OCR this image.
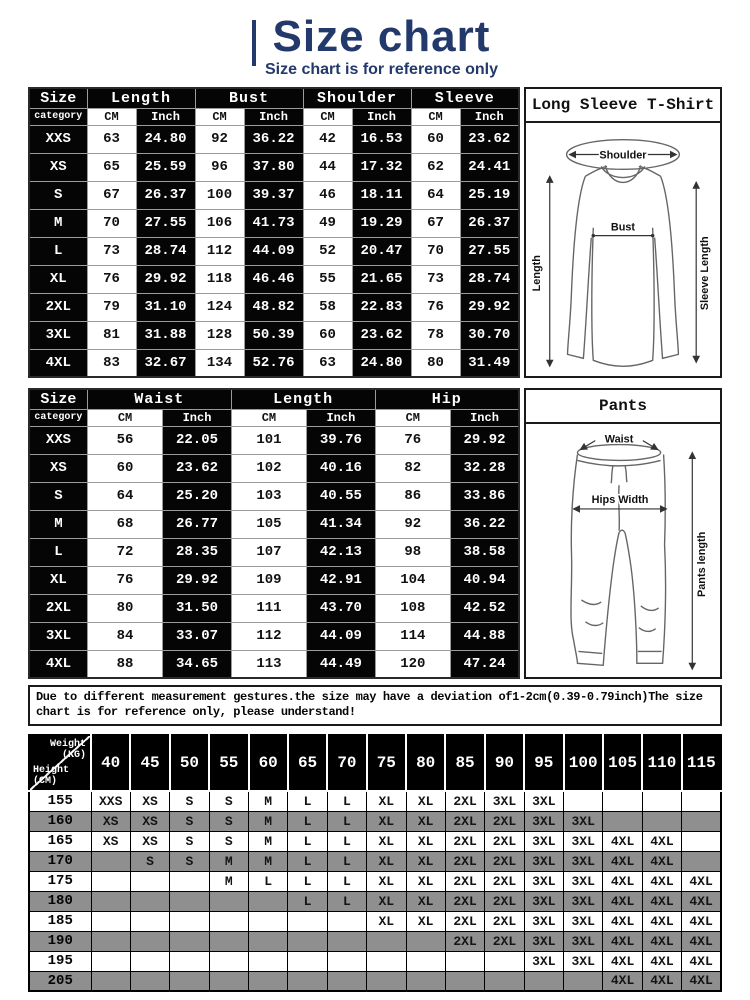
Size chart
Size chart is for reference only
Size	Length		Bust		Shoulder		Sleeve	
category	CM	Inch	CM	Inch	CM	Inch	CM	Inch
XXS	63	24.80	92	36.22	42	16.53	60	23.62
XS	65	25.59	96	37.80	44	17.32	62	24.41
S	67	26.37	100	39.37	46	18.11	64	25.19
M	70	27.55	106	41.73	49	19.29	67	26.37
L	73	28.74	112	44.09	52	20.47	70	27.55
XL	76	29.92	118	46.46	55	21.65	73	28.74
2XL	79	31.10	124	48.82	58	22.83	76	29.92
3XL	81	31.88	128	50.39	60	23.62	78	30.70
4XL	83	32.67	134	52.76	63	24.80	80	31.49
Long Sleeve T-Shirt
Shoulder
Bust
Length	Sleeve Length
Size	Waist		Length		Hip	
category	CM	Inch	CM	Inch	CM	Inch
XXS	56	22.05	101	39.76	76	29.92
XS	60	23.62	102	40.16	82	32.28
S	64	25.20	103	40.55	86	33.86
M	68	26.77	105	41.34	92	36.22
L	72	28.35	107	42.13	98	38.58
XL	76	29.92	109	42.91	104	40.94
2XL	80	31.50	111	43.70	108	42.52
3XL	84	33.07	112	44.09	114	44.88
4XL	88	34.65	113	44.49	120	47.24
Pants
Waist
Hips Width
Pants length
Due to different measurement gestures.the size may have a deviation of1-2cm(0.39-0.79inch)The size
chart is for reference only, please understand!
Weight
(KG)
Height
(CM)	40	45	50	55	60	65	70	75	80	85	90	95	100	105	110	115
155	XXS	XS	S	S	M	L	L	XL	XL	2XL	3XL	3XL				
160	XS	XS	S	S	M	L	L	XL	XL	2XL	2XL	3XL	3XL			
165	XS	XS	S	S	M	L	L	XL	XL	2XL	2XL	3XL	3XL	4XL	4XL	
170		S	S	M	M	L	L	XL	XL	2XL	2XL	3XL	3XL	4XL	4XL	
175				M	L	L	L	XL	XL	2XL	2XL	3XL	3XL	4XL	4XL	4XL
180						L	L	XL	XL	2XL	2XL	3XL	3XL	4XL	4XL	4XL
185								XL	XL	2XL	2XL	3XL	3XL	4XL	4XL	4XL
190										2XL	2XL	3XL	3XL	4XL	4XL	4XL
195												3XL	3XL	4XL	4XL	4XL
205														4XL	4XL	4XL
